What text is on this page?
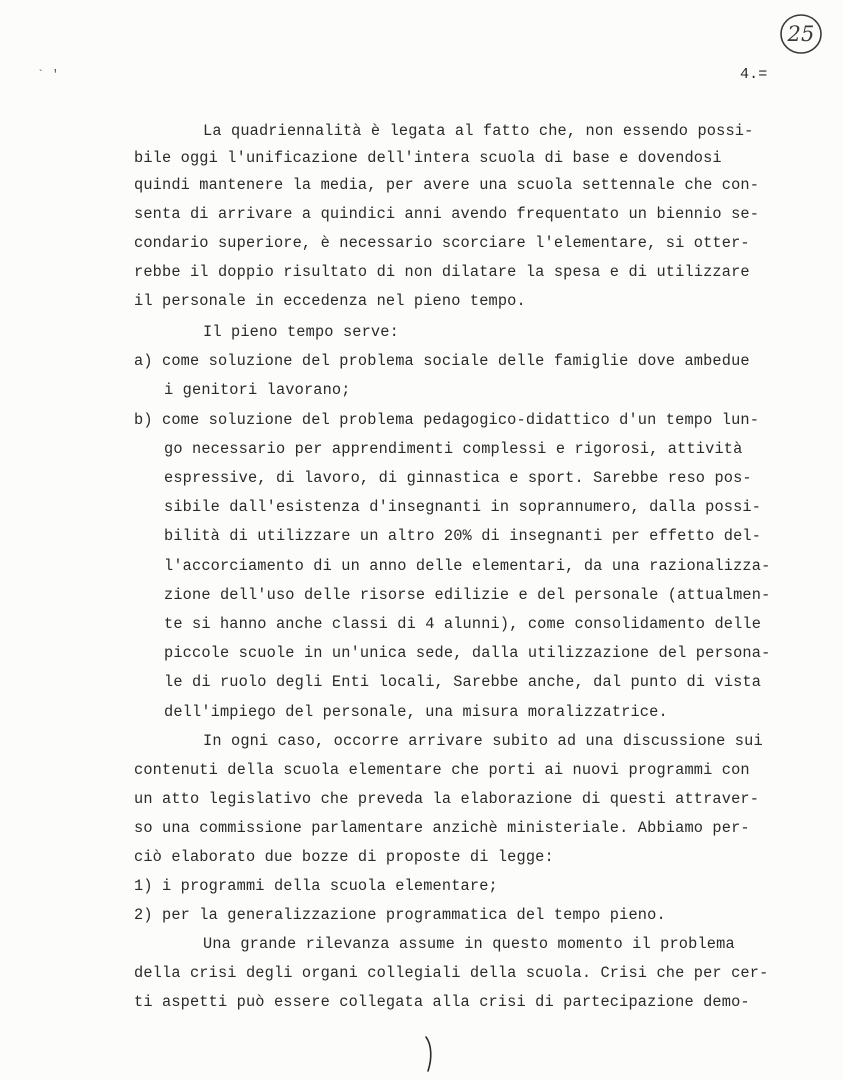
25
` '	4.=
La quadriennalità è legata al fatto che, non essendo possi-
bile oggi l'unificazione dell'intera scuola di base e dovendosi
quindi mantenere la media, per avere una scuola settennale che con-
senta di arrivare a quindici anni avendo frequentato un biennio se-
condario superiore, è necessario scorciare l'elementare, si otter-
rebbe il doppio risultato di non dilatare la spesa e di utilizzare
il personale in eccedenza nel pieno tempo.
Il pieno tempo serve:
a) come soluzione del problema sociale delle famiglie dove ambedue
i genitori lavorano;
b) come soluzione del problema pedagogico-didattico d'un tempo lun-
go necessario per apprendimenti complessi e rigorosi, attività
espressive, di lavoro, di ginnastica e sport. Sarebbe reso pos-
sibile dall'esistenza d'insegnanti in soprannumero, dalla possi-
bilità di utilizzare un altro 20% di insegnanti per effetto del-
l'accorciamento di un anno delle elementari, da una razionalizza-
zione dell'uso delle risorse edilizie e del personale (attualmen-
te si hanno anche classi di 4 alunni), come consolidamento delle
piccole scuole in un'unica sede, dalla utilizzazione del persona-
le di ruolo degli Enti locali, Sarebbe anche, dal punto di vista
dell'impiego del personale, una misura moralizzatrice.
In ogni caso, occorre arrivare subito ad una discussione sui
contenuti della scuola elementare che porti ai nuovi programmi con
un atto legislativo che preveda la elaborazione di questi attraver-
so una commissione parlamentare anzichè ministeriale. Abbiamo per-
ciò elaborato due bozze di proposte di legge:
1) i programmi della scuola elementare;
2) per la generalizzazione programmatica del tempo pieno.
Una grande rilevanza assume in questo momento il problema
della crisi degli organi collegiali della scuola. Crisi che per cer-
ti aspetti può essere collegata alla crisi di partecipazione demo-
